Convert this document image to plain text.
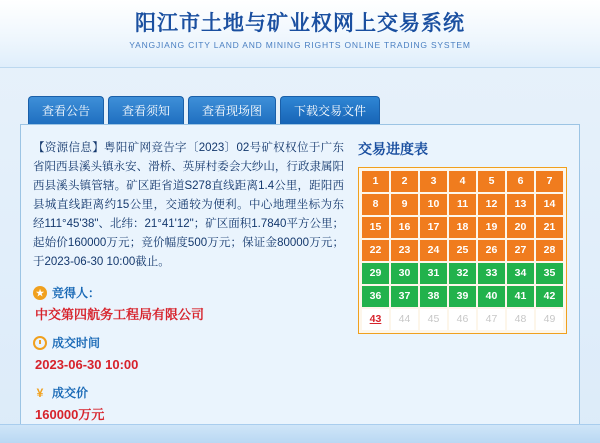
阳江市土地与矿业权网上交易系统
YANGJIANG CITY LAND AND MINING RIGHTS ONLINE TRADING SYSTEM
查看公告	查看须知	查看现场图	下载交易文件
【资源信息】粤阳矿网竞告字〔2023〕02号矿权权位于广东省阳西县溪头镇永安、滑桥、英屏村委会大纱山，行政隶属阳西县溪头镇管辖。矿区距省道S278直线距离1.4公里，距阳西县城直线距离约15公里，交通较为便利。中心地理坐标为东经111°45'38"、北纬：21°41'12"；矿区面积1.7840平方公里；起始价160000万元；竞价幅度500万元；保证金80000万元；于2023-06-30 10:00截止。
★ 竞得人：
中交第四航务工程局有限公司
成交时间
2023-06-30 10:00
¥ 成交价
160000万元
交易进度表
1	2	3	4	5	6	7
8	9	10	11	12	13	14
15	16	17	18	19	20	21
22	23	24	25	26	27	28
29	30	31	32	33	34	35
36	37	38	39	40	41	42
43	44	45	46	47	48	49
